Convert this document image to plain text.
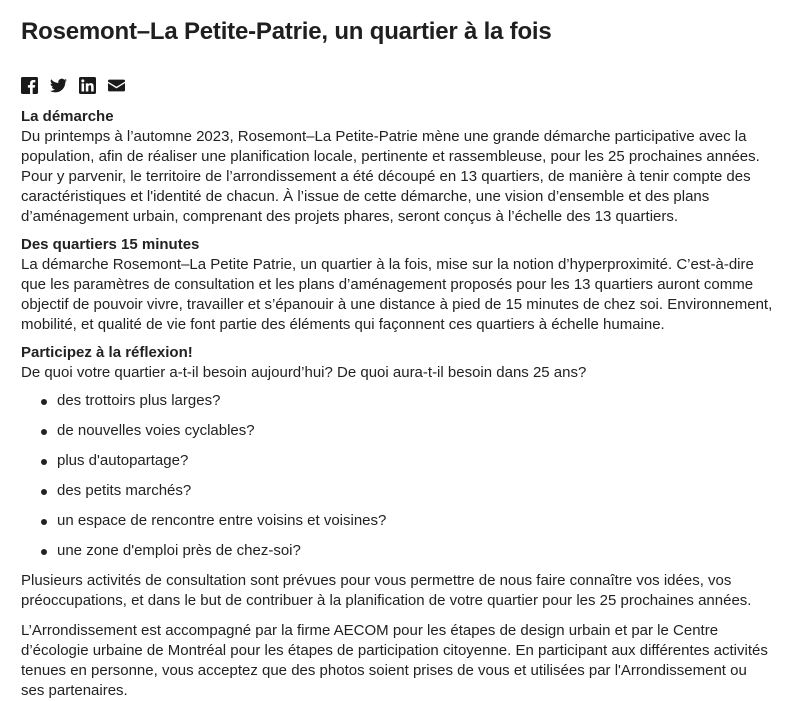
Rosemont–La Petite-Patrie, un quartier à la fois

La démarche
Du printemps à l’automne 2023, Rosemont–La Petite-Patrie mène une grande démarche participative avec la population, afin de réaliser une planification locale, pertinente et rassembleuse, pour les 25 prochaines années. Pour y parvenir, le territoire de l’arrondissement a été découpé en 13 quartiers, de manière à tenir compte des caractéristiques et l'identité de chacun. À l’issue de cette démarche, une vision d’ensemble et des plans d’aménagement urbain, comprenant des projets phares, seront conçus à l’échelle des 13 quartiers.

Des quartiers 15 minutes
La démarche Rosemont–La Petite Patrie, un quartier à la fois, mise sur la notion d’hyperproximité. C’est-à-dire que les paramètres de consultation et les plans d’aménagement proposés pour les 13 quartiers auront comme objectif de pouvoir vivre, travailler et s’épanouir à une distance à pied de 15 minutes de chez soi. Environnement, mobilité, et qualité de vie font partie des éléments qui façonnent ces quartiers à échelle humaine.

Participez à la réflexion!
De quoi votre quartier a-t-il besoin aujourd’hui? De quoi aura-t-il besoin dans 25 ans?

des trottoirs plus larges?
de nouvelles voies cyclables?
plus d'autopartage?
des petits marchés?
un espace de rencontre entre voisins et voisines?
une zone d'emploi près de chez-soi?

Plusieurs activités de consultation sont prévues pour vous permettre de nous faire connaître vos idées, vos préoccupations, et dans le but de contribuer à la planification de votre quartier pour les 25 prochaines années.

L’Arrondissement est accompagné par la firme AECOM pour les étapes de design urbain et par le Centre d’écologie urbaine de Montréal pour les étapes de participation citoyenne. En participant aux différentes activités tenues en personne, vous acceptez que des photos soient prises de vous et utilisées par l'Arrondissement ou ses partenaires.
